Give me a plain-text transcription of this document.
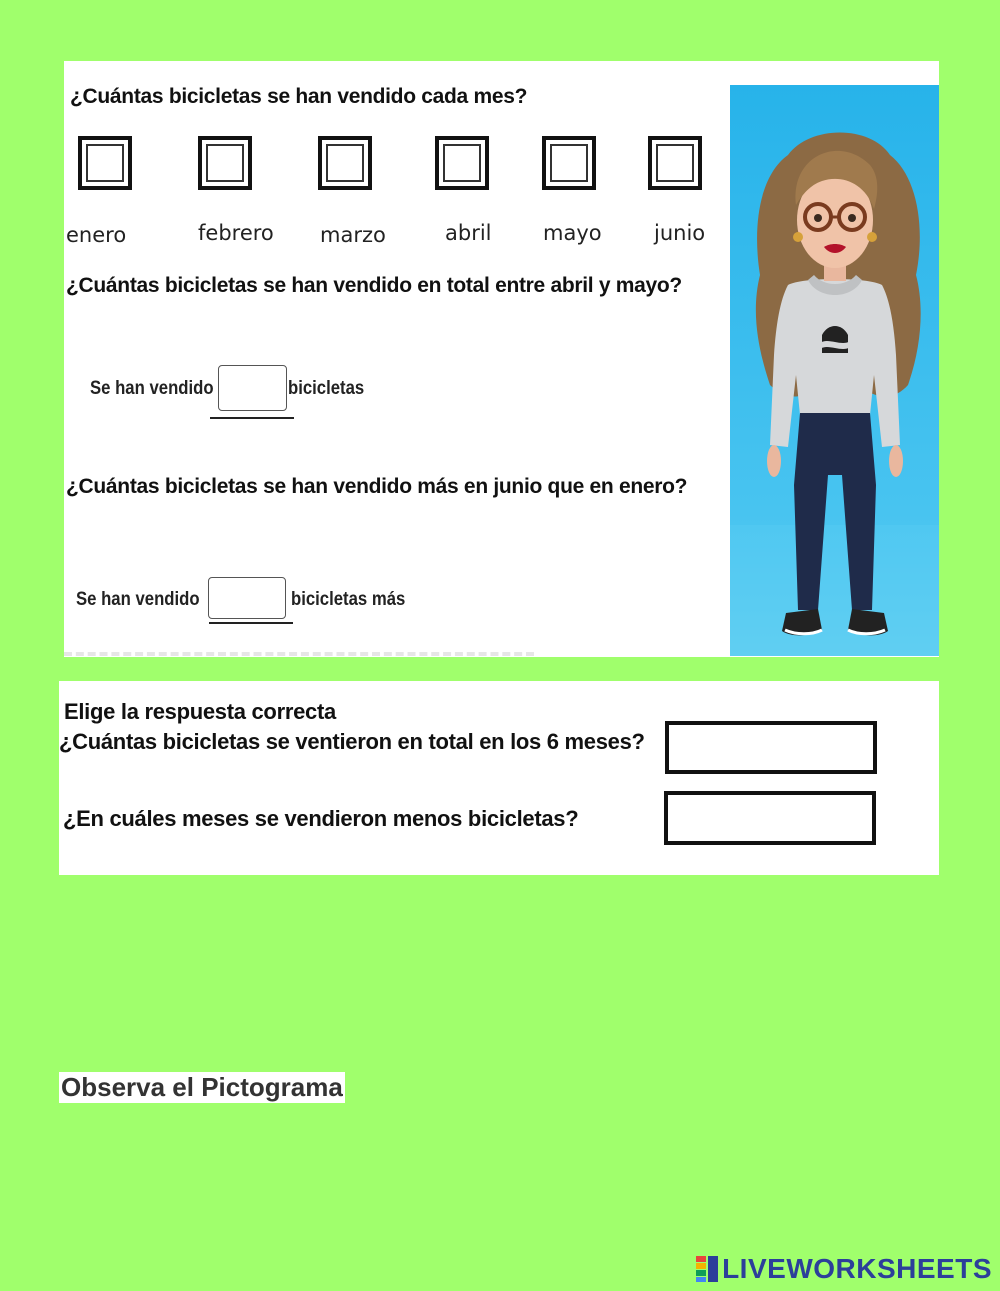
¿Cuántas bicicletas se han vendido cada mes?
enero	febrero marzo	abril mayo junio
¿Cuántas bicicletas se han vendido en total entre abril y mayo?
Se han vendido	bicicletas
¿Cuántas bicicletas se han vendido más en junio que en enero?
Se han vendido	bicicletas más
Elige la respuesta correcta
¿Cuántas bicicletas se ventieron en total en los 6 meses?
¿En cuáles meses se vendieron menos bicicletas?
Observa el Pictograma
LIVEWORKSHEETS
